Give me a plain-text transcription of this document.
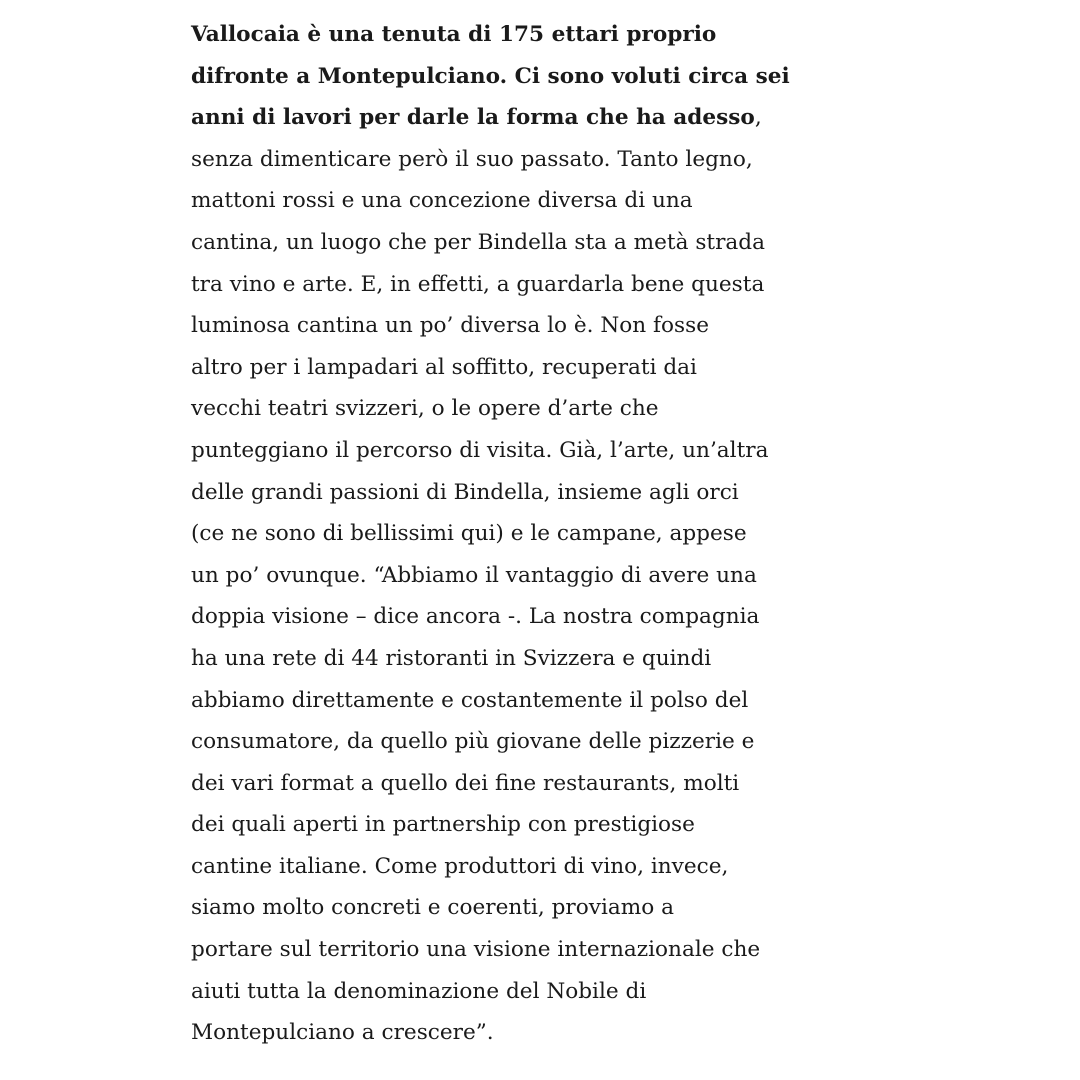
Vallocaia è una tenuta di 175 ettari proprio
difronte a Montepulciano. Ci sono voluti circa sei
anni di lavori per darle la forma che ha adesso,
senza dimenticare però il suo passato. Tanto legno,
mattoni rossi e una concezione diversa di una
cantina, un luogo che per Bindella sta a metà strada
tra vino e arte. E, in effetti, a guardarla bene questa
luminosa cantina un po’ diversa lo è. Non fosse
altro per i lampadari al soffitto, recuperati dai
vecchi teatri svizzeri, o le opere d’arte che
punteggiano il percorso di visita. Già, l’arte, un’altra
delle grandi passioni di Bindella, insieme agli orci
(ce ne sono di bellissimi qui) e le campane, appese
un po’ ovunque. “Abbiamo il vantaggio di avere una
doppia visione – dice ancora -. La nostra compagnia
ha una rete di 44 ristoranti in Svizzera e quindi
abbiamo direttamente e costantemente il polso del
consumatore, da quello più giovane delle pizzerie e
dei vari format a quello dei fine restaurants, molti
dei quali aperti in partnership con prestigiose
cantine italiane. Come produttori di vino, invece,
siamo molto concreti e coerenti, proviamo a
portare sul territorio una visione internazionale che
aiuti tutta la denominazione del Nobile di
Montepulciano a crescere”.
